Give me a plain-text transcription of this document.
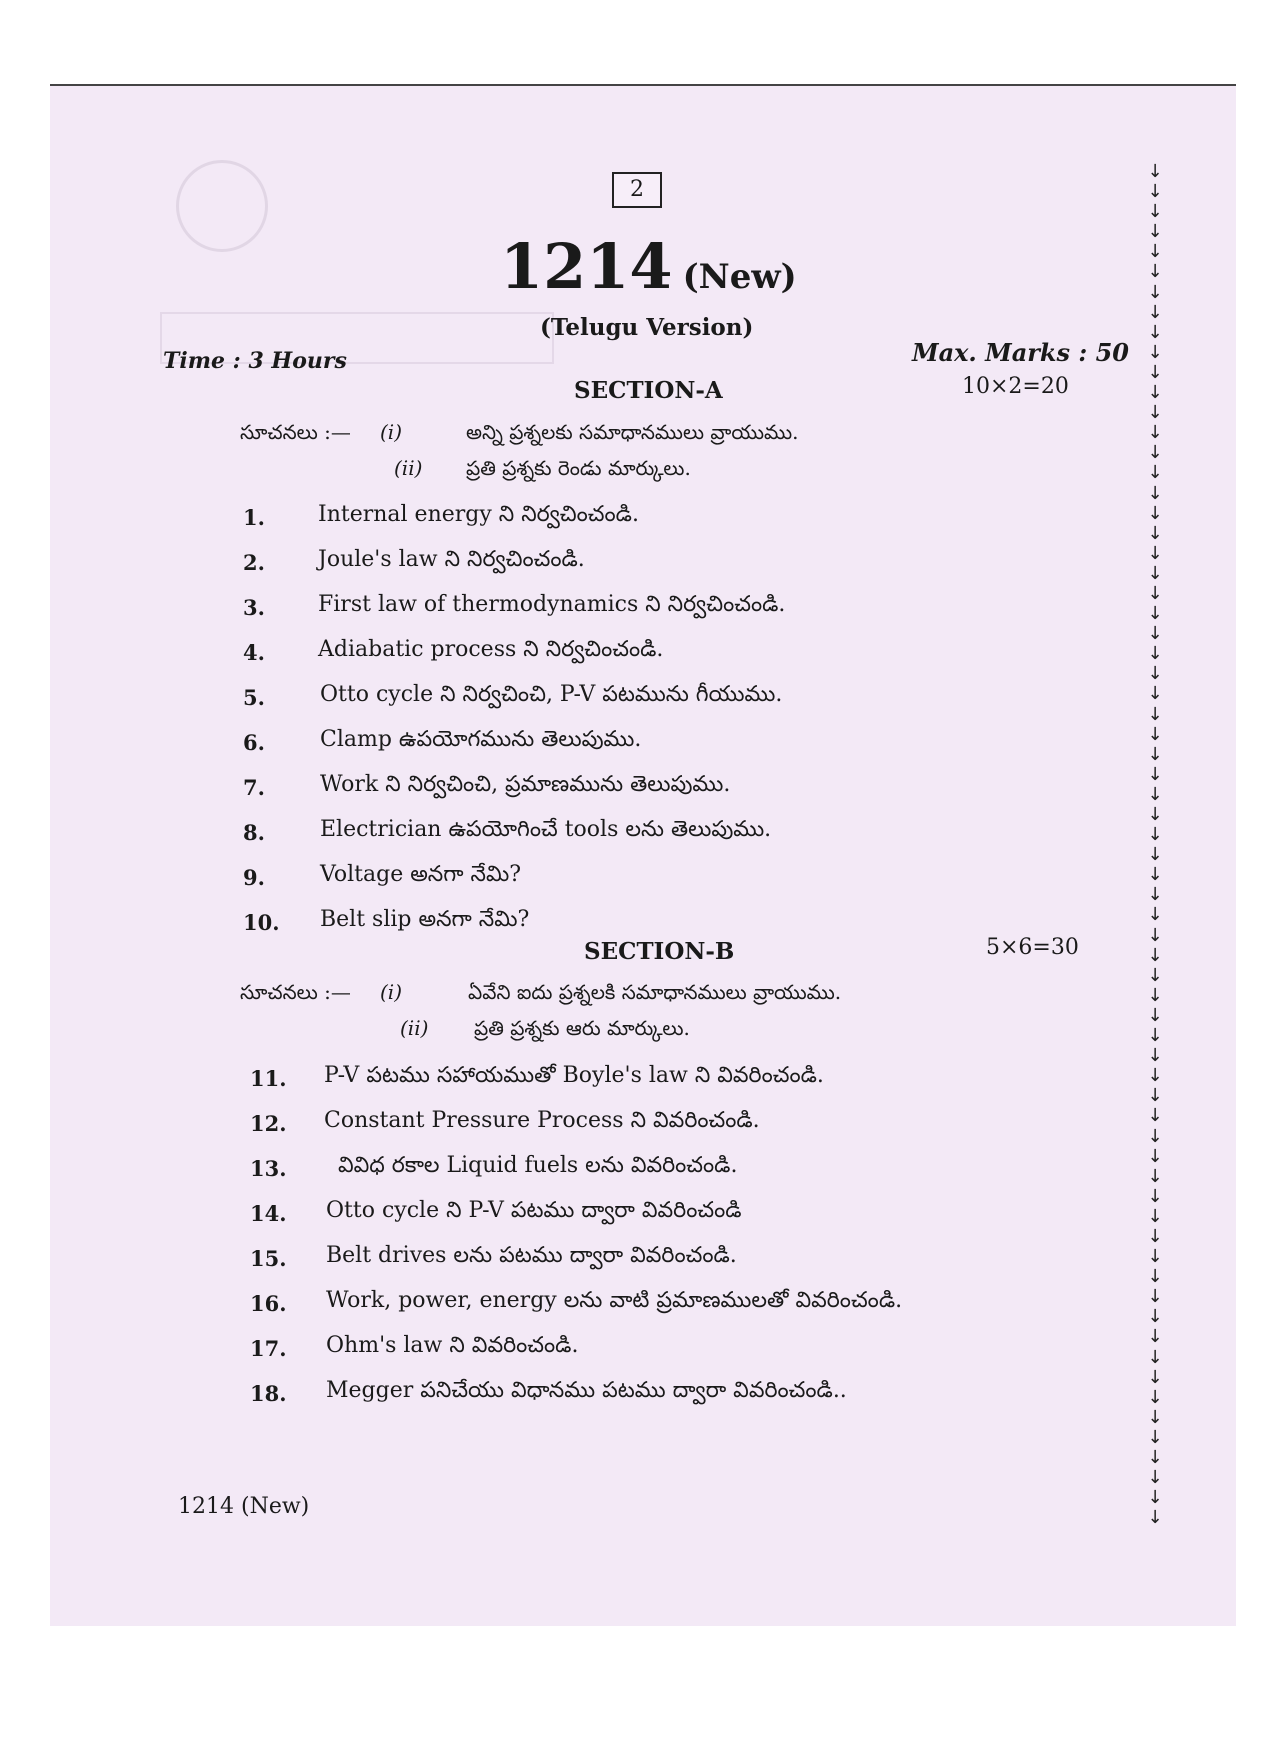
2
1214 (New)
(Telugu Version)
Time : 3 Hours	Max. Marks : 50
SECTION-A	10×2=20
సూచనలు :— (i)	అన్ని ప్రశ్నలకు సమాధానములు వ్రాయుము.
(ii) ప్రతి ప్రశ్నకు రెండు మార్కులు.
1. Internal energy ని నిర్వచించండి.
2. Joule's law ని నిర్వచించండి.
3. First law of thermodynamics ని నిర్వచించండి.
4. Adiabatic process ని నిర్వచించండి.
5.	Otto cycle ని నిర్వచించి, P-V పటమును గీయుము.
6.	Clamp ఉపయోగమును తెలుపుము.
7.	Work ని నిర్వచించి, ప్రమాణమును తెలుపుము.
8.	Electrician ఉపయోగించే tools లను తెలుపుము.
9.	Voltage అనగా నేమి?
10. Belt slip అనగా నేమి?
SECTION-B	5×6=30
సూచనలు :— (i)	ఏవేని ఐదు ప్రశ్నలకి సమాధానములు వ్రాయుము.
(ii) ప్రతి ప్రశ్నకు ఆరు మార్కులు.
11. P-V పటము సహాయముతో Boyle's law ని వివరించండి.
12. Constant Pressure Process ని వివరించండి.
13. వివిధ రకాల Liquid fuels లను వివరించండి.
14. Otto cycle ని P-V పటము ద్వారా వివరించండి
15. Belt drives లను పటము ద్వారా వివరించండి.
16. Work, power, energy లను వాటి ప్రమాణములతో వివరించండి.
17. Ohm's law ని వివరించండి.
18. Megger పనిచేయు విధానము పటము ద్వారా వివరించండి..
1214 (New)
↓
↓
↓
↓
↓
↓
↓
↓
↓
↓
↓
↓
↓
↓
↓
↓
↓
↓
↓
↓
↓
↓
↓
↓
↓
↓
↓
↓
↓
↓
↓
↓
↓
↓
↓
↓
↓
↓
↓
↓
↓
↓
↓
↓
↓
↓
↓
↓
↓
↓
↓
↓
↓
↓
↓
↓
↓
↓
↓
↓
↓
↓
↓
↓
↓
↓
↓
↓
